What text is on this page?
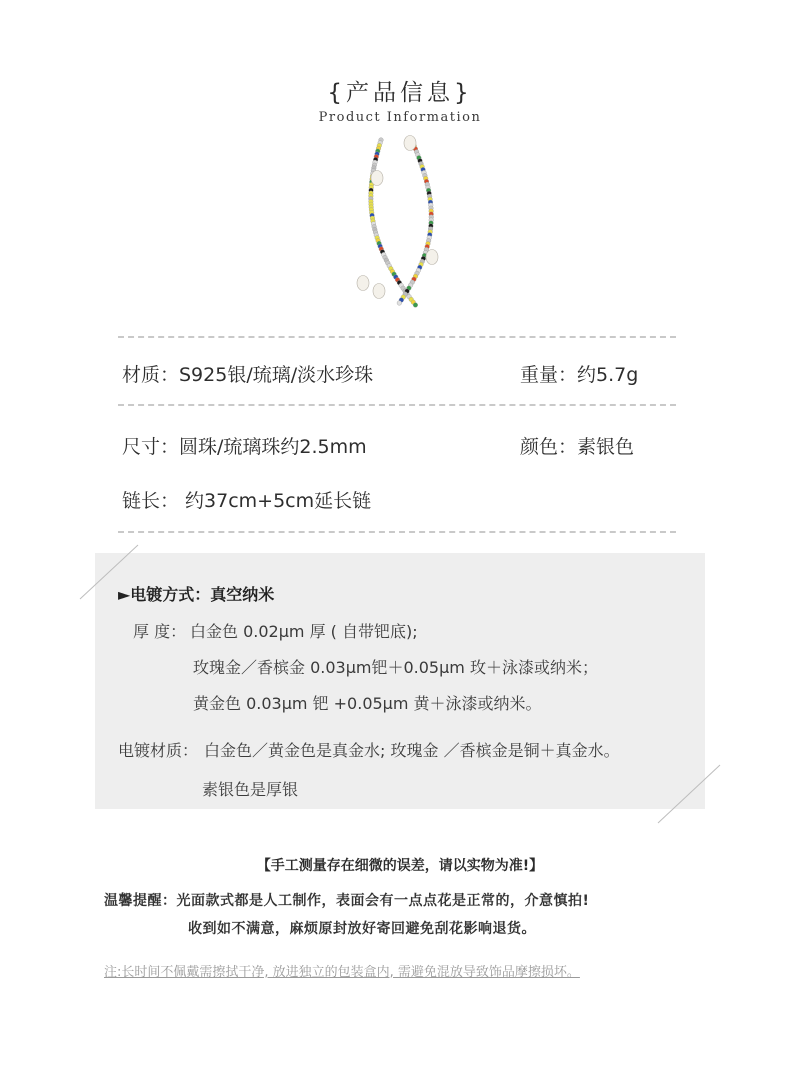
{产品信息}
Product Information
材质：S925银/琉璃/淡水珍珠	重量：约5.7g
尺寸：圆珠/琉璃珠约2.5mm	颜色：素银色
链长： 约37cm+5cm延长链
►电镀方式：真空纳米
厚 度： 白金色 0.02μm 厚 ( 自带钯底);
玫瑰金／香槟金 0.03μm钯＋0.05μm 玫＋泳漆或纳米；
黄金色 0.03μm 钯 +0.05μm 黄＋泳漆或纳米。
电镀材质： 白金色／黄金色是真金水; 玫瑰金 ／香槟金是铜＋真金水。
素银色是厚银
【手工测量存在细微的误差，请以实物为准!】
温馨提醒：光面款式都是人工制作，表面会有一点点花是正常的，介意慎拍!
收到如不满意，麻烦原封放好寄回避免刮花影响退货。
注:长时间不佩戴需擦拭干净, 放进独立的包装盒内, 需避免混放导致饰品摩擦损坏。
